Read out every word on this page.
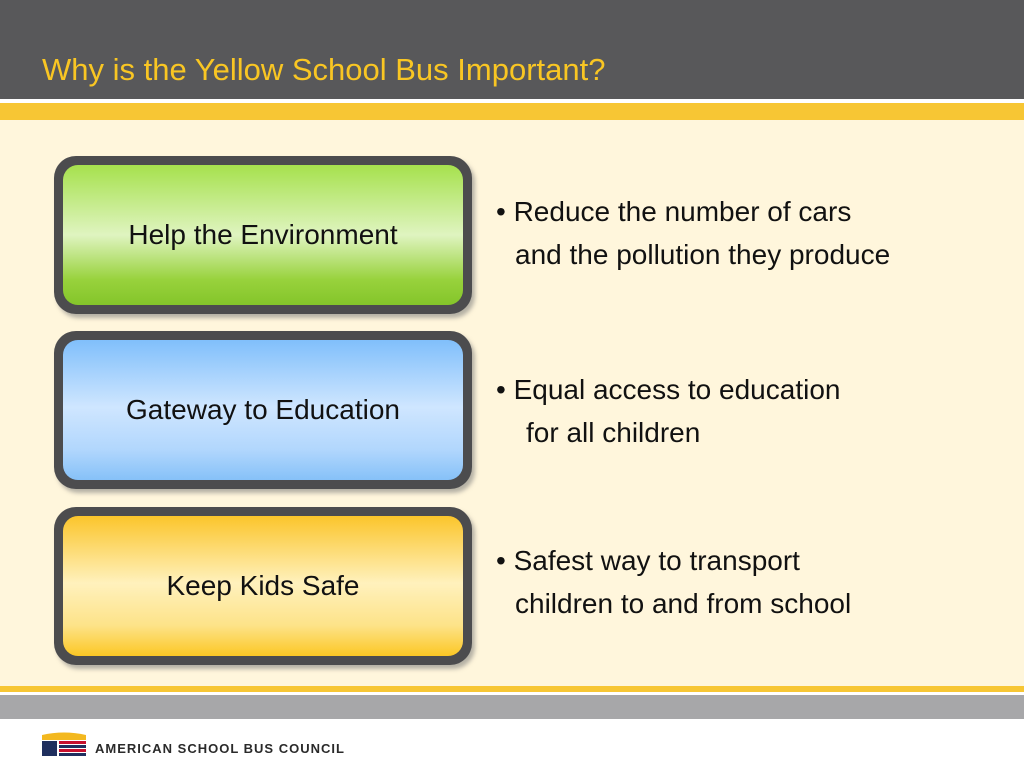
Why is the Yellow School Bus Important?
Help the Environment
• Reduce the number of cars
and the pollution they produce
Gateway to Education
• Equal access to education
for all children
Keep Kids Safe
• Safest way to transport
children to and from school
AMERICAN SCHOOL BUS COUNCIL
